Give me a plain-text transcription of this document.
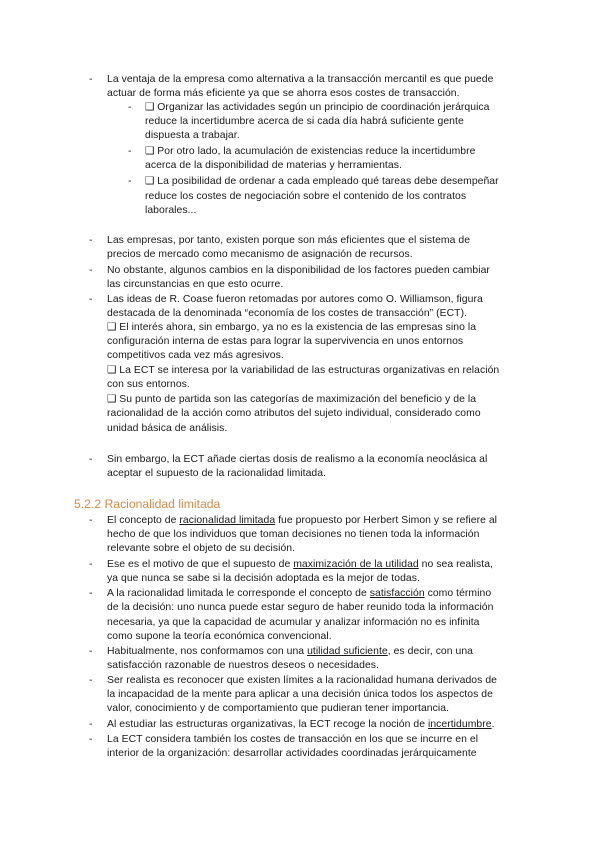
- La ventaja de la empresa como alternativa a la transacción mercantil es que puede
actuar de forma más eficiente ya que se ahorra esos costes de transacción.
- ❑ Organizar las actividades según un principio de coordinación jerárquica
reduce la incertidumbre acerca de si cada día habrá suficiente gente
dispuesta a trabajar.
- ❑ Por otro lado, la acumulación de existencias reduce la incertidumbre
acerca de la disponibilidad de materias y herramientas.
- ❑ La posibilidad de ordenar a cada empleado qué tareas debe desempeñar
reduce los costes de negociación sobre el contenido de los contratos
laborales...
- Las empresas, por tanto, existen porque son más eficientes que el sistema de
precios de mercado como mecanismo de asignación de recursos.
- No obstante, algunos cambios en la disponibilidad de los factores pueden cambiar
las circunstancias en que esto ocurre.
- Las ideas de R. Coase fueron retomadas por autores como O. Williamson, figura
destacada de la denominada “economía de los costes de transacción” (ECT).
❑ El interés ahora, sin embargo, ya no es la existencia de las empresas sino la
configuración interna de estas para lograr la supervivencia en unos entornos
competitivos cada vez más agresivos.
❑ La ECT se interesa por la variabilidad de las estructuras organizativas en relación
con sus entornos.
❑ Su punto de partida son las categorías de maximización del beneficio y de la
racionalidad de la acción como atributos del sujeto individual, considerado como
unidad básica de análisis.
- Sin embargo, la ECT añade ciertas dosis de realismo a la economía neoclásica al
aceptar el supuesto de la racionalidad limitada.
5.2.2 Racionalidad limitada
- El concepto de racionalidad limitada fue propuesto por Herbert Simon y se refiere al
hecho de que los individuos que toman decisiones no tienen toda la información
relevante sobre el objeto de su decisión.
- Ese es el motivo de que el supuesto de maximización de la utilidad no sea realista,
ya que nunca se sabe si la decisión adoptada es la mejor de todas.
- A la racionalidad limitada le corresponde el concepto de satisfacción como término
de la decisión: uno nunca puede estar seguro de haber reunido toda la información
necesaria, ya que la capacidad de acumular y analizar información no es infinita
como supone la teoría económica convencional.
- Habitualmente, nos conformamos con una utilidad suficiente, es decir, con una
satisfacción razonable de nuestros deseos o necesidades.
- Ser realista es reconocer que existen límites a la racionalidad humana derivados de
la incapacidad de la mente para aplicar a una decisión única todos los aspectos de
valor, conocimiento y de comportamiento que pudieran tener importancia.
- Al estudiar las estructuras organizativas, la ECT recoge la noción de incertidumbre.
- La ECT considera también los costes de transacción en los que se incurre en el
interior de la organización: desarrollar actividades coordinadas jerárquicamente
